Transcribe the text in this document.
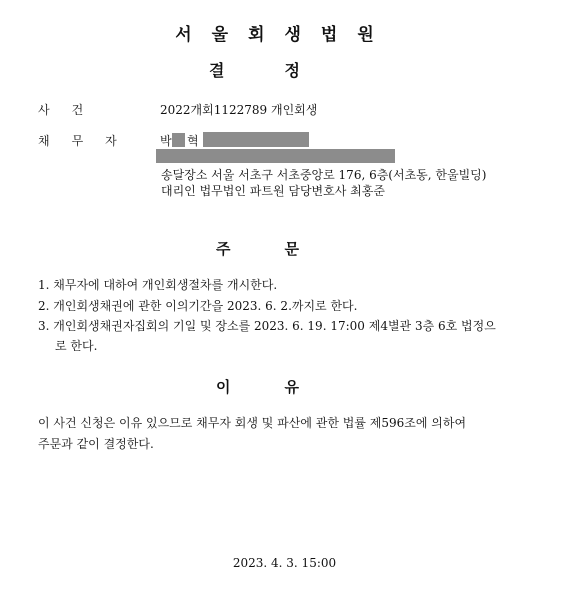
서울회생법원
결정
사건	2022개회1122789 개인회생
채무자 박 혁
송달장소 서울 서초구 서초중앙로 176, 6층(서초동, 한울빌딩)
대리인 법무법인 파트원 담당변호사 최홍준
주문
1. 채무자에 대하여 개인회생절차를 개시한다.
2. 개인회생채권에 관한 이의기간을 2023. 6. 2.까지로 한다.
3. 개인회생채권자집회의 기일 및 장소를 2023. 6. 19. 17:00 제4별관 3층 6호 법정으
로 한다.
이유
이 사건 신청은 이유 있으므로 채무자 회생 및 파산에 관한 법률 제596조에 의하여
주문과 같이 결정한다.
2023. 4. 3. 15:00
